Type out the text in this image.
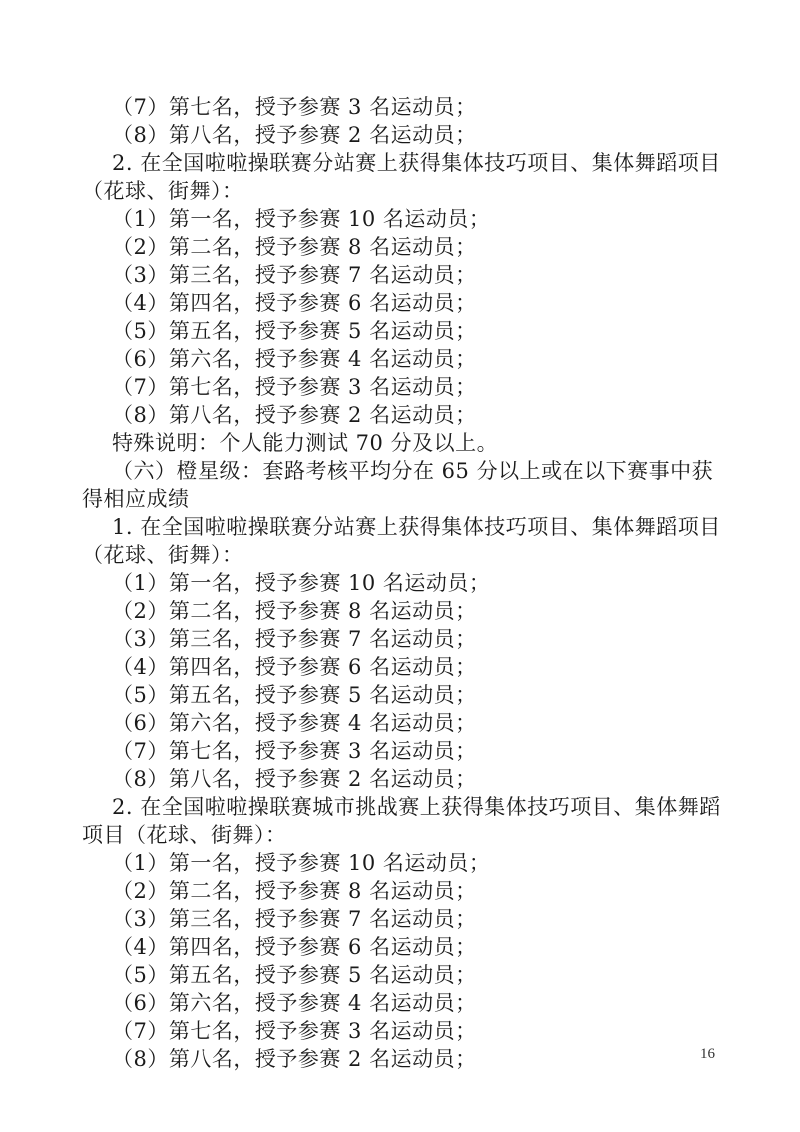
（7）第七名，授予参赛 3 名运动员；
（8）第八名，授予参赛 2 名运动员；
2. 在全国啦啦操联赛分站赛上获得集体技巧项目、集体舞蹈项目
（花球、街舞）：
（1）第一名，授予参赛 10 名运动员；
（2）第二名，授予参赛 8 名运动员；
（3）第三名，授予参赛 7 名运动员；
（4）第四名，授予参赛 6 名运动员；
（5）第五名，授予参赛 5 名运动员；
（6）第六名，授予参赛 4 名运动员；
（7）第七名，授予参赛 3 名运动员；
（8）第八名，授予参赛 2 名运动员；
特殊说明：个人能力测试 70 分及以上。
（六）橙星级：套路考核平均分在 65 分以上或在以下赛事中获
得相应成绩
1. 在全国啦啦操联赛分站赛上获得集体技巧项目、集体舞蹈项目
（花球、街舞）：
（1）第一名，授予参赛 10 名运动员；
（2）第二名，授予参赛 8 名运动员；
（3）第三名，授予参赛 7 名运动员；
（4）第四名，授予参赛 6 名运动员；
（5）第五名，授予参赛 5 名运动员；
（6）第六名，授予参赛 4 名运动员；
（7）第七名，授予参赛 3 名运动员；
（8）第八名，授予参赛 2 名运动员；
2. 在全国啦啦操联赛城市挑战赛上获得集体技巧项目、集体舞蹈
项目（花球、街舞）：
（1）第一名，授予参赛 10 名运动员；
（2）第二名，授予参赛 8 名运动员；
（3）第三名，授予参赛 7 名运动员；
（4）第四名，授予参赛 6 名运动员；
（5）第五名，授予参赛 5 名运动员；
（6）第六名，授予参赛 4 名运动员；
（7）第七名，授予参赛 3 名运动员；
（8）第八名，授予参赛 2 名运动员；	16
